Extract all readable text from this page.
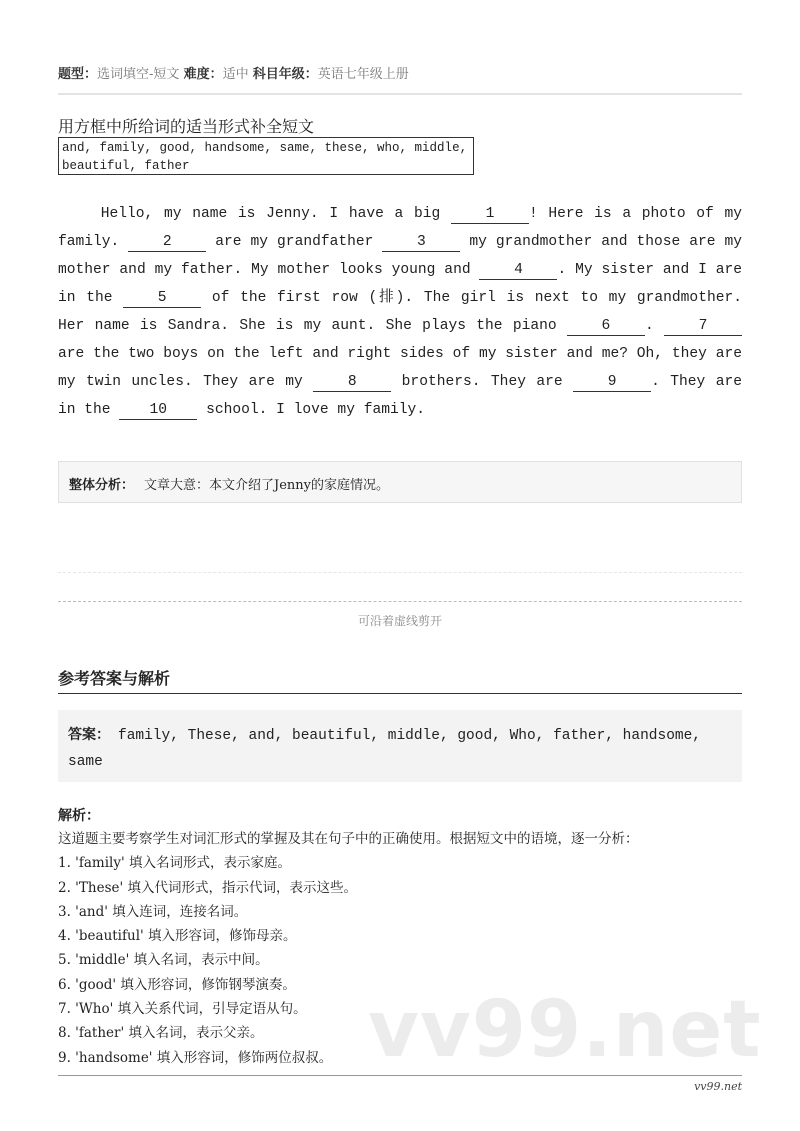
题型：选词填空-短文 难度：适中 科目年级：英语七年级上册
用方框中所给词的适当形式补全短文
and, family, good, handsome, same, these, who, middle,
beautiful, father
Hello, my name is Jenny. I have a big 1 ! Here is a photo of my
family. 2 are my grandfather 3 my grandmother and those are my
mother and my father. My mother looks young and 4 . My sister and I are
in the 5 of the first row (排). The girl is next to my grandmother.
Her name is Sandra. She is my aunt. She plays the piano 6 . 7
are the two boys on the left and right sides of my sister and me? Oh, they are
my twin uncles. They are my 8 brothers. They are 9 . They are
in the 10 school. I love my family.
整体分析： 文章大意：本文介绍了Jenny的家庭情况。
可沿着虚线剪开
参考答案与解析
答案： family, These, and, beautiful, middle, good, Who, father, handsome, same
解析：
这道题主要考察学生对词汇形式的掌握及其在句子中的正确使用。根据短文中的语境，逐一分析：
1. 'family' 填入名词形式，表示家庭。
2. 'These' 填入代词形式，指示代词，表示这些。
3. 'and' 填入连词，连接名词。
4. 'beautiful' 填入形容词，修饰母亲。
5. 'middle' 填入名词，表示中间。
6. 'good' 填入形容词，修饰钢琴演奏。
7. 'Who' 填入关系代词，引导定语从句。
8. 'father' 填入名词，表示父亲。
9. 'handsome' 填入形容词，修饰两位叔叔。 vv99.net
vv99.net
